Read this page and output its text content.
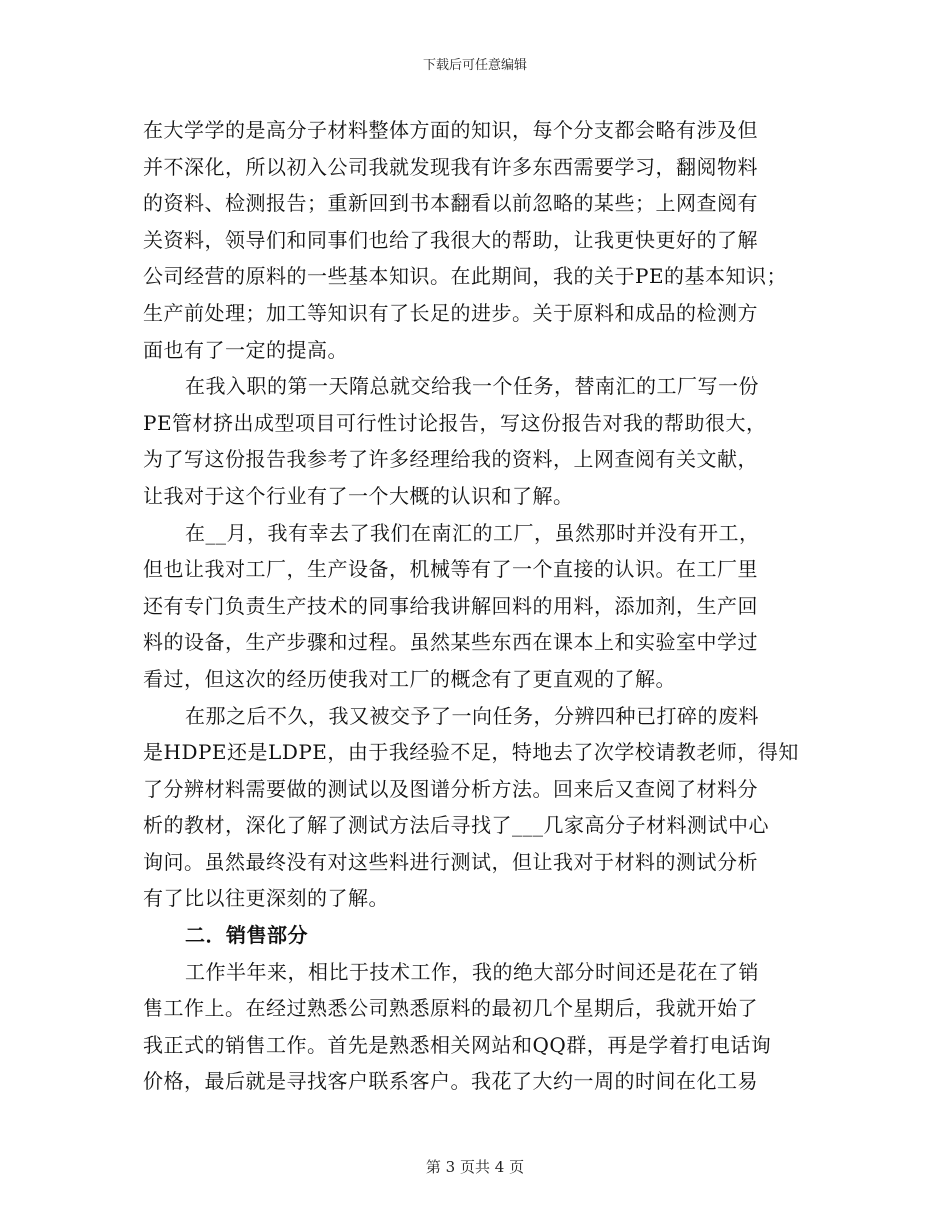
下载后可任意编辑
在大学学的是高分子材料整体方面的知识，每个分支都会略有涉及但
并不深化，所以初入公司我就发现我有许多东西需要学习，翻阅物料
的资料、检测报告；重新回到书本翻看以前忽略的某些；上网查阅有
关资料，领导们和同事们也给了我很大的帮助，让我更快更好的了解
公司经营的原料的一些基本知识。在此期间，我的关于PE的基本知识；
生产前处理；加工等知识有了长足的进步。关于原料和成品的检测方
面也有了一定的提高。
在我入职的第一天隋总就交给我一个任务，替南汇的工厂写一份
PE管材挤出成型项目可行性讨论报告，写这份报告对我的帮助很大，
为了写这份报告我参考了许多经理给我的资料，上网查阅有关文献，
让我对于这个行业有了一个大概的认识和了解。
在__月，我有幸去了我们在南汇的工厂，虽然那时并没有开工，
但也让我对工厂，生产设备，机械等有了一个直接的认识。在工厂里
还有专门负责生产技术的同事给我讲解回料的用料，添加剂，生产回
料的设备，生产步骤和过程。虽然某些东西在课本上和实验室中学过
看过，但这次的经历使我对工厂的概念有了更直观的了解。
在那之后不久，我又被交予了一向任务，分辨四种已打碎的废料
是HDPE还是LDPE，由于我经验不足，特地去了次学校请教老师，得知
了分辨材料需要做的测试以及图谱分析方法。回来后又查阅了材料分
析的教材，深化了解了测试方法后寻找了___几家高分子材料测试中心
询问。虽然最终没有对这些料进行测试，但让我对于材料的测试分析
有了比以往更深刻的了解。
二．销售部分
工作半年来，相比于技术工作，我的绝大部分时间还是花在了销
售工作上。在经过熟悉公司熟悉原料的最初几个星期后，我就开始了
我正式的销售工作。首先是熟悉相关网站和QQ群，再是学着打电话询
价格，最后就是寻找客户联系客户。我花了大约一周的时间在化工易
第 3 页共 4 页
